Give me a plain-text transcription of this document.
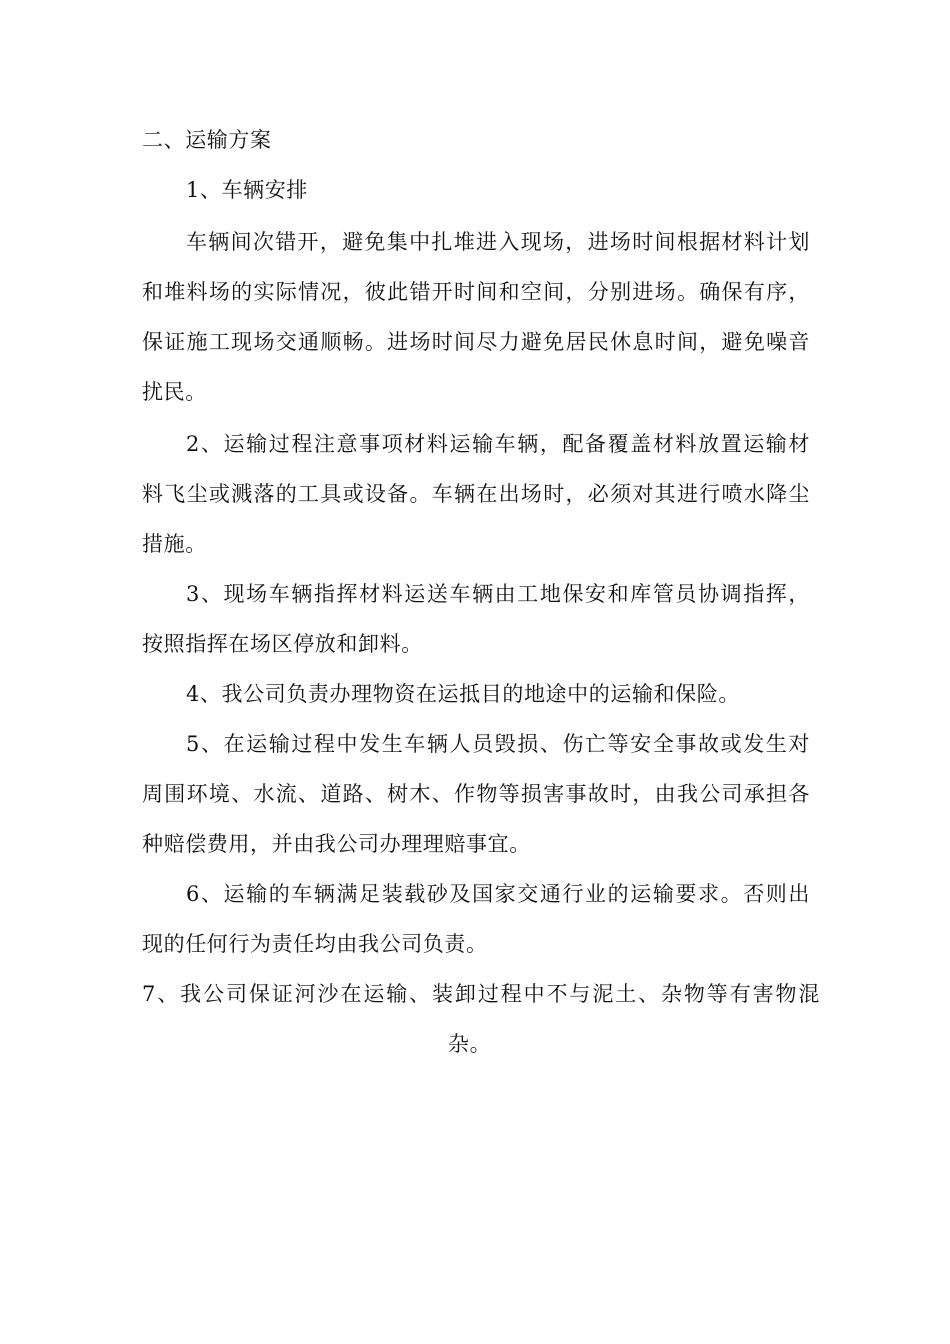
二、运输方案
1、车辆安排
车辆间次错开，避免集中扎堆进入现场，进场时间根据材料计划
和堆料场的实际情况，彼此错开时间和空间，分别进场。确保有序，
保证施工现场交通顺畅。进场时间尽力避免居民休息时间，避免噪音
扰民。
2、运输过程注意事项材料运输车辆，配备覆盖材料放置运输材
料飞尘或溅落的工具或设备。车辆在出场时，必须对其进行喷水降尘
措施。
3、现场车辆指挥材料运送车辆由工地保安和库管员协调指挥，
按照指挥在场区停放和卸料。
4、我公司负责办理物资在运抵目的地途中的运输和保险。
5、在运输过程中发生车辆人员毁损、伤亡等安全事故或发生对
周围环境、水流、道路、树木、作物等损害事故时，由我公司承担各
种赔偿费用，并由我公司办理理赔事宜。
6、运输的车辆满足装载砂及国家交通行业的运输要求。否则出
现的任何行为责任均由我公司负责。
7、我公司保证河沙在运输、装卸过程中不与泥土、杂物等有害物混
杂。
